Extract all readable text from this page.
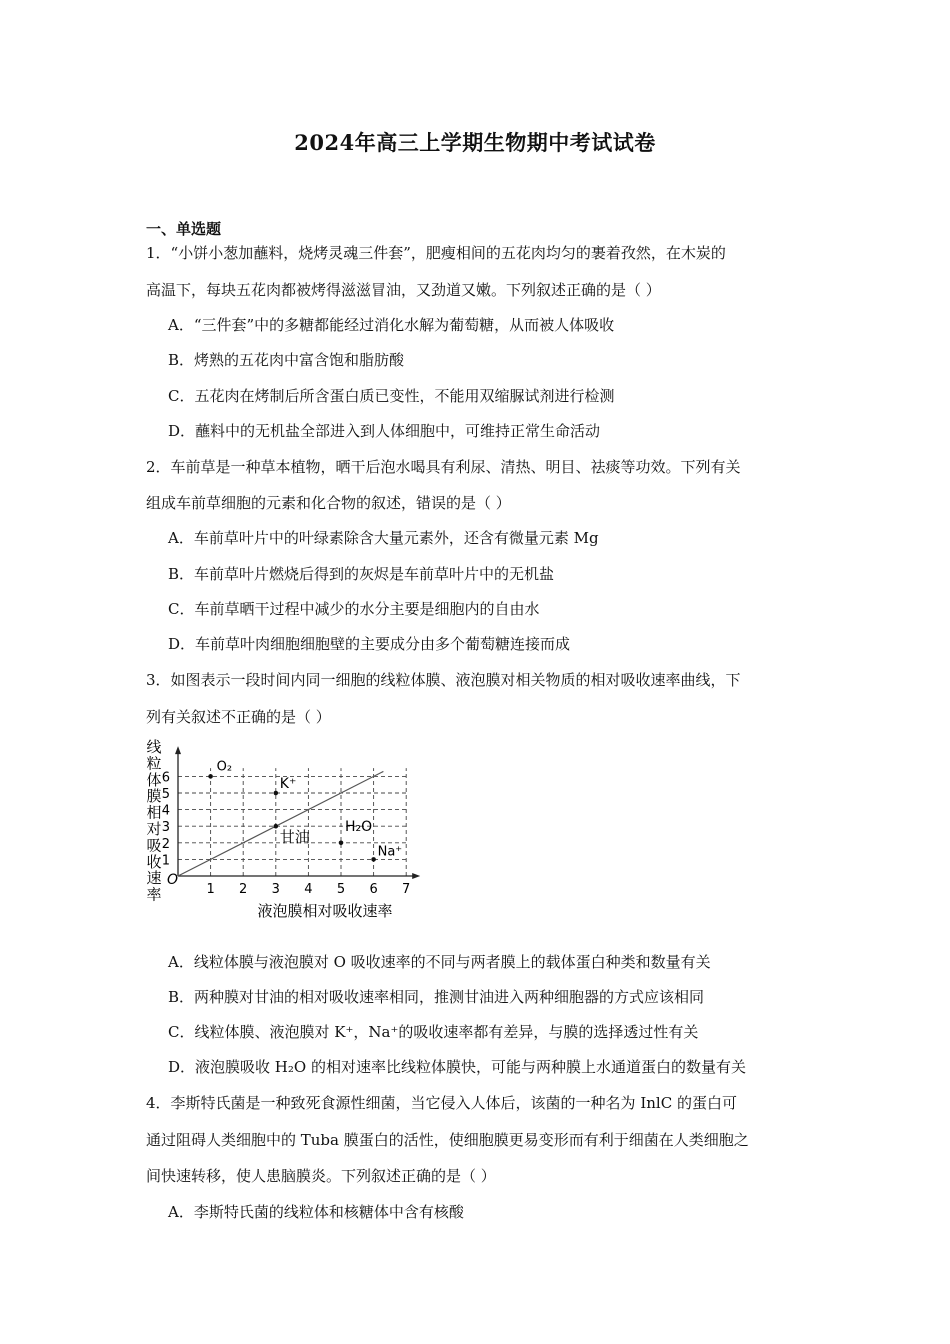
2024年高三上学期生物期中考试试卷
一、单选题
1．“小饼小葱加蘸料，烧烤灵魂三件套”，肥瘦相间的五花肉均匀的裹着孜然，在木炭的
高温下，每块五花肉都被烤得滋滋冒油，又劲道又嫩。下列叙述正确的是（ ）
A．“三件套”中的多糖都能经过消化水解为葡萄糖，从而被人体吸收
B．烤熟的五花肉中富含饱和脂肪酸
C．五花肉在烤制后所含蛋白质已变性，不能用双缩脲试剂进行检测
D．蘸料中的无机盐全部进入到人体细胞中，可维持正常生命活动
2．车前草是一种草本植物，晒干后泡水喝具有利尿、清热、明目、祛痰等功效。下列有关
组成车前草细胞的元素和化合物的叙述，错误的是（ ）
A．车前草叶片中的叶绿素除含大量元素外，还含有微量元素 Mg
B．车前草叶片燃烧后得到的灰烬是车前草叶片中的无机盐
C．车前草晒干过程中减少的水分主要是细胞内的自由水
D．车前草叶肉细胞细胞壁的主要成分由多个葡萄糖连接而成
3．如图表示一段时间内同一细胞的线粒体膜、液泡膜对相关物质的相对吸收速率曲线，下
列有关叙述不正确的是（ ）
线
粒
体
膜
相
对
吸
收
速
率	1 2 3 4 5 6 7
1
2
3
4
5
6
O₂
K⁺
甘油
H₂O
Na⁺
液泡膜相对吸收速率
O
A．线粒体膜与液泡膜对 O 吸收速率的不同与两者膜上的载体蛋白种类和数量有关
B．两种膜对甘油的相对吸收速率相同，推测甘油进入两种细胞器的方式应该相同
C．线粒体膜、液泡膜对 K⁺，Na⁺的吸收速率都有差异，与膜的选择透过性有关
D．液泡膜吸收 H₂O 的相对速率比线粒体膜快，可能与两种膜上水通道蛋白的数量有关
4．李斯特氏菌是一种致死食源性细菌，当它侵入人体后，该菌的一种名为 InlC 的蛋白可
通过阻碍人类细胞中的 Tuba 膜蛋白的活性，使细胞膜更易变形而有利于细菌在人类细胞之
间快速转移，使人患脑膜炎。下列叙述正确的是（ ）
A．李斯特氏菌的线粒体和核糖体中含有核酸
